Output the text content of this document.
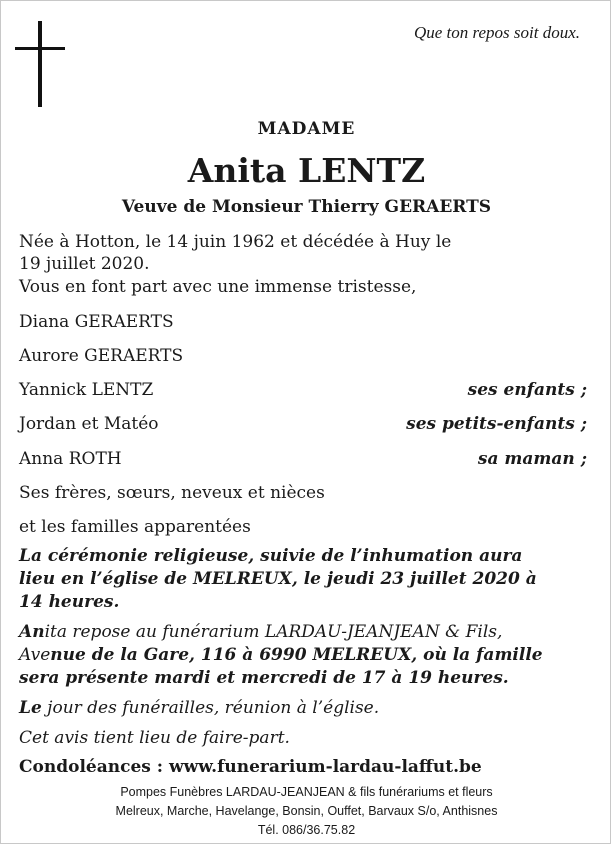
Que ton repos soit doux.
MADAME
Anita LENTZ
Veuve de Monsieur Thierry GERAERTS
Née à Hotton, le 14 juin 1962 et décédée à Huy le
19 juillet 2020.
Vous en font part avec une immense tristesse,
Diana GERAERTS
Aurore GERAERTS
Yannick LENTZ	ses enfants ;
Jordan et Matéo	ses petits-enfants ;
Anna ROTH	sa maman ;
Ses frères, sœurs, neveux et nièces
et les familles apparentées
La cérémonie religieuse, suivie de l’inhumation aura
lieu en l’église de MELREUX, le jeudi 23 juillet 2020 à
14 heures.
Anita repose au funérarium LARDAU-JEANJEAN & Fils,
Avenue de la Gare, 116 à 6990 MELREUX, où la famille
sera présente mardi et mercredi de 17 à 19 heures.
Le jour des funérailles, réunion à l’église.
Cet avis tient lieu de faire-part.
Condoléances : www.funerarium-lardau-laffut.be
Pompes Funèbres LARDAU-JEANJEAN & fils funérariums et fleurs
Melreux, Marche, Havelange, Bonsin, Ouffet, Barvaux S/o, Anthisnes
Tél. 086/36.75.82
